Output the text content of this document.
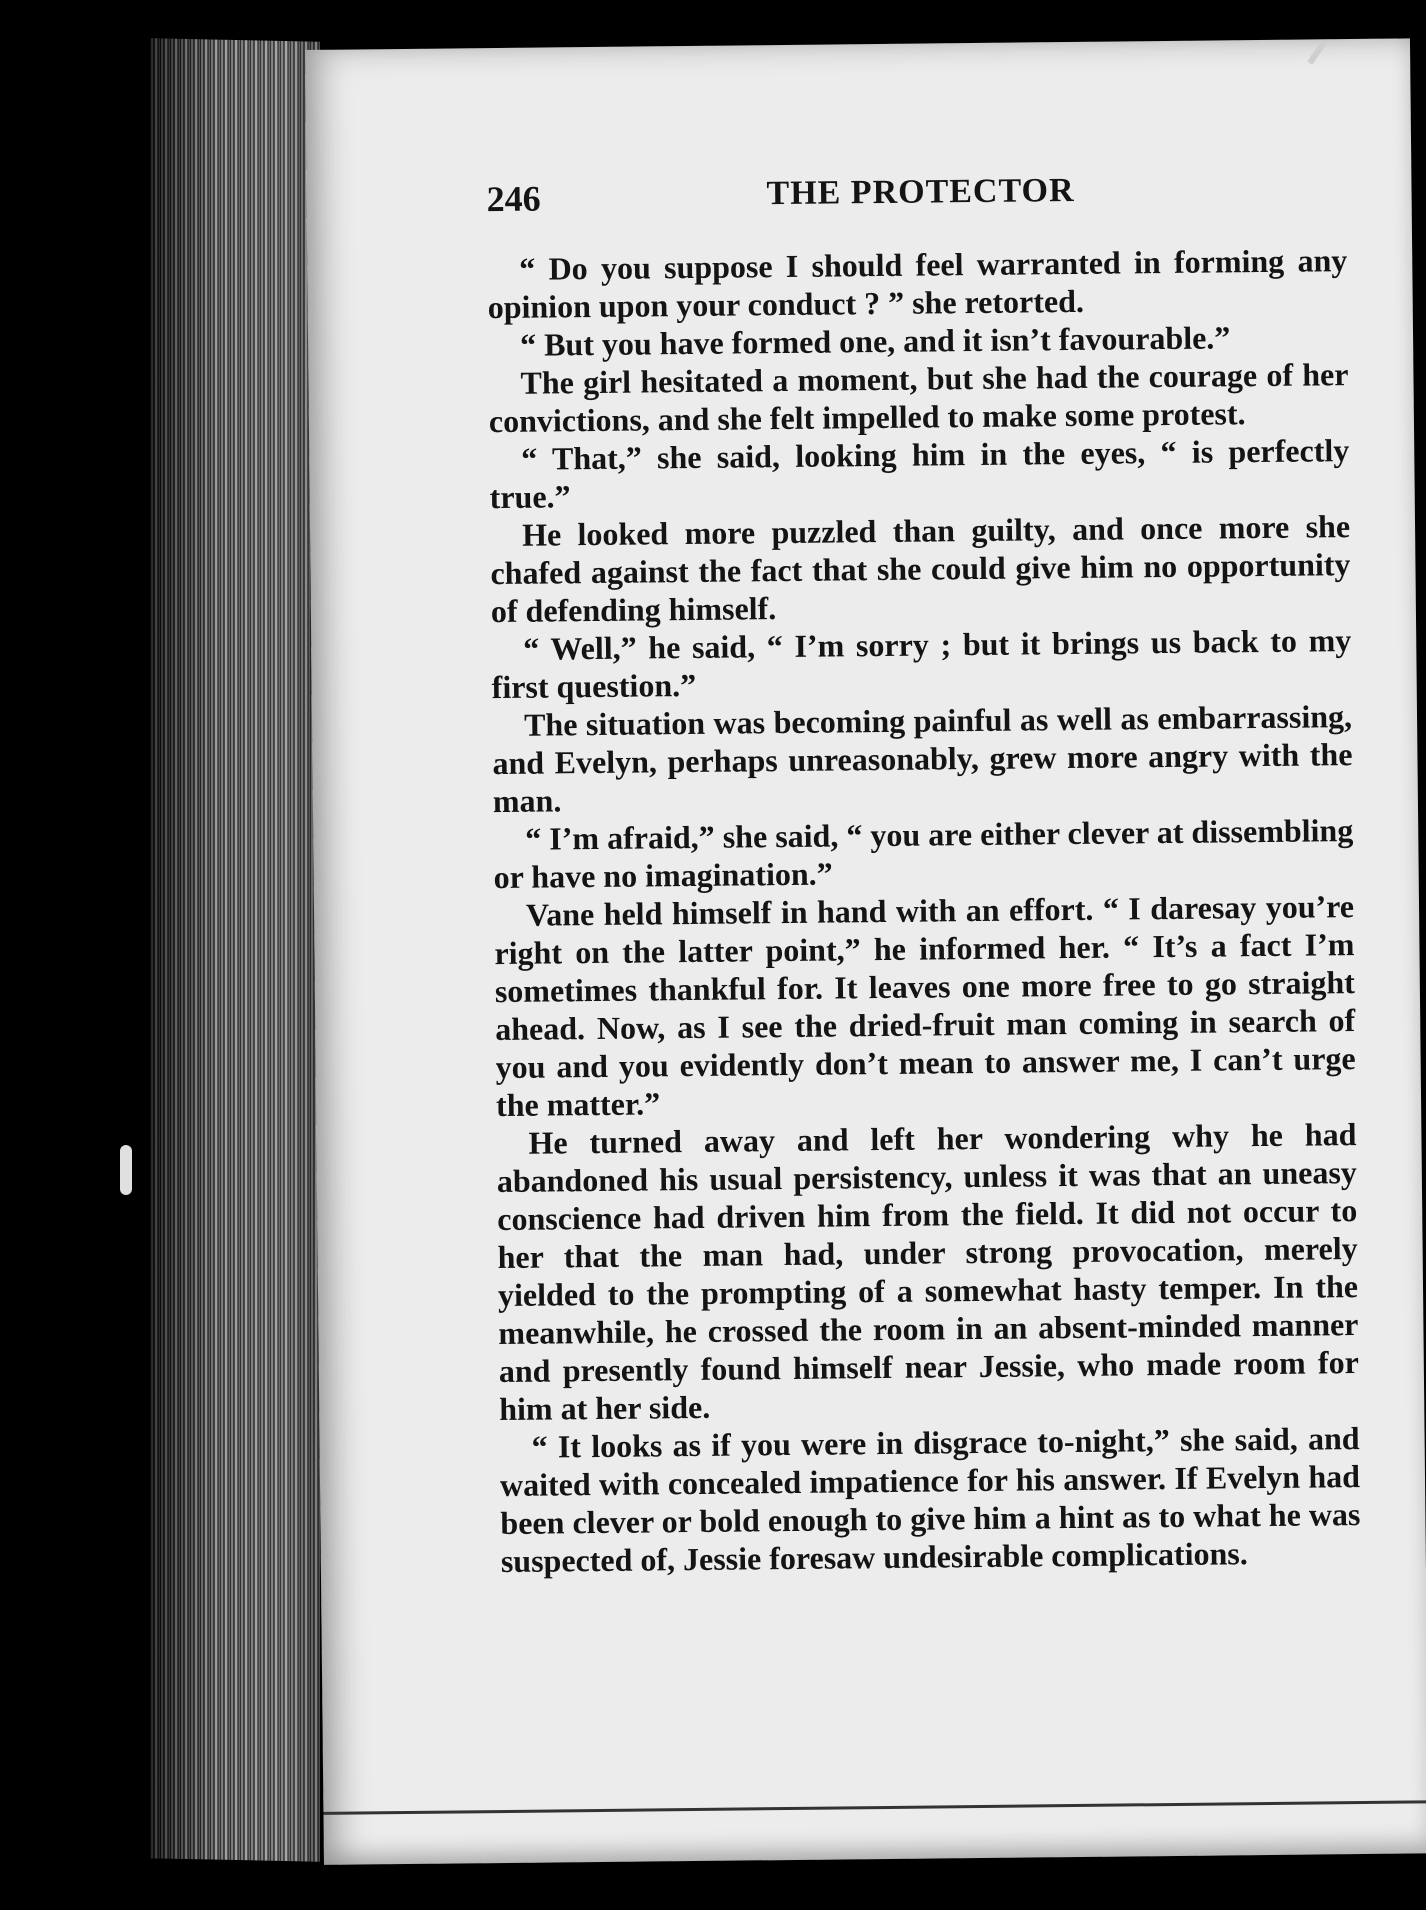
246	THE PROTECTOR

“ Do you suppose I should feel warranted in forming any opinion upon your conduct ? ” she retorted.

“ But you have formed one, and it isn’t favourable.”

The girl hesitated a moment, but she had the courage of her convictions, and she felt impelled to make some protest.

“ That,” she said, looking him in the eyes, “ is perfectly true.”

He looked more puzzled than guilty, and once more she chafed against the fact that she could give him no opportunity of defending himself.

“ Well,” he said, “ I’m sorry ; but it brings us back to my first question.”

The situation was becoming painful as well as embarrassing, and Evelyn, perhaps unreasonably, grew more angry with the man.

“ I’m afraid,” she said, “ you are either clever at dissembling or have no imagination.”

Vane held himself in hand with an effort. “ I daresay you’re right on the latter point,” he informed her. “ It’s a fact I’m sometimes thankful for. It leaves one more free to go straight ahead. Now, as I see the dried-fruit man coming in search of you and you evidently don’t mean to answer me, I can’t urge the matter.”

He turned away and left her wondering why he had abandoned his usual persistency, unless it was that an uneasy conscience had driven him from the field. It did not occur to her that the man had, under strong provocation, merely yielded to the prompting of a somewhat hasty temper. In the meanwhile, he crossed the room in an absent-minded manner and presently found himself near Jessie, who made room for him at her side.

“ It looks as if you were in disgrace to-night,” she said, and waited with concealed impatience for his answer. If Evelyn had been clever or bold enough to give him a hint as to what he was suspected of, Jessie foresaw undesirable complications.
